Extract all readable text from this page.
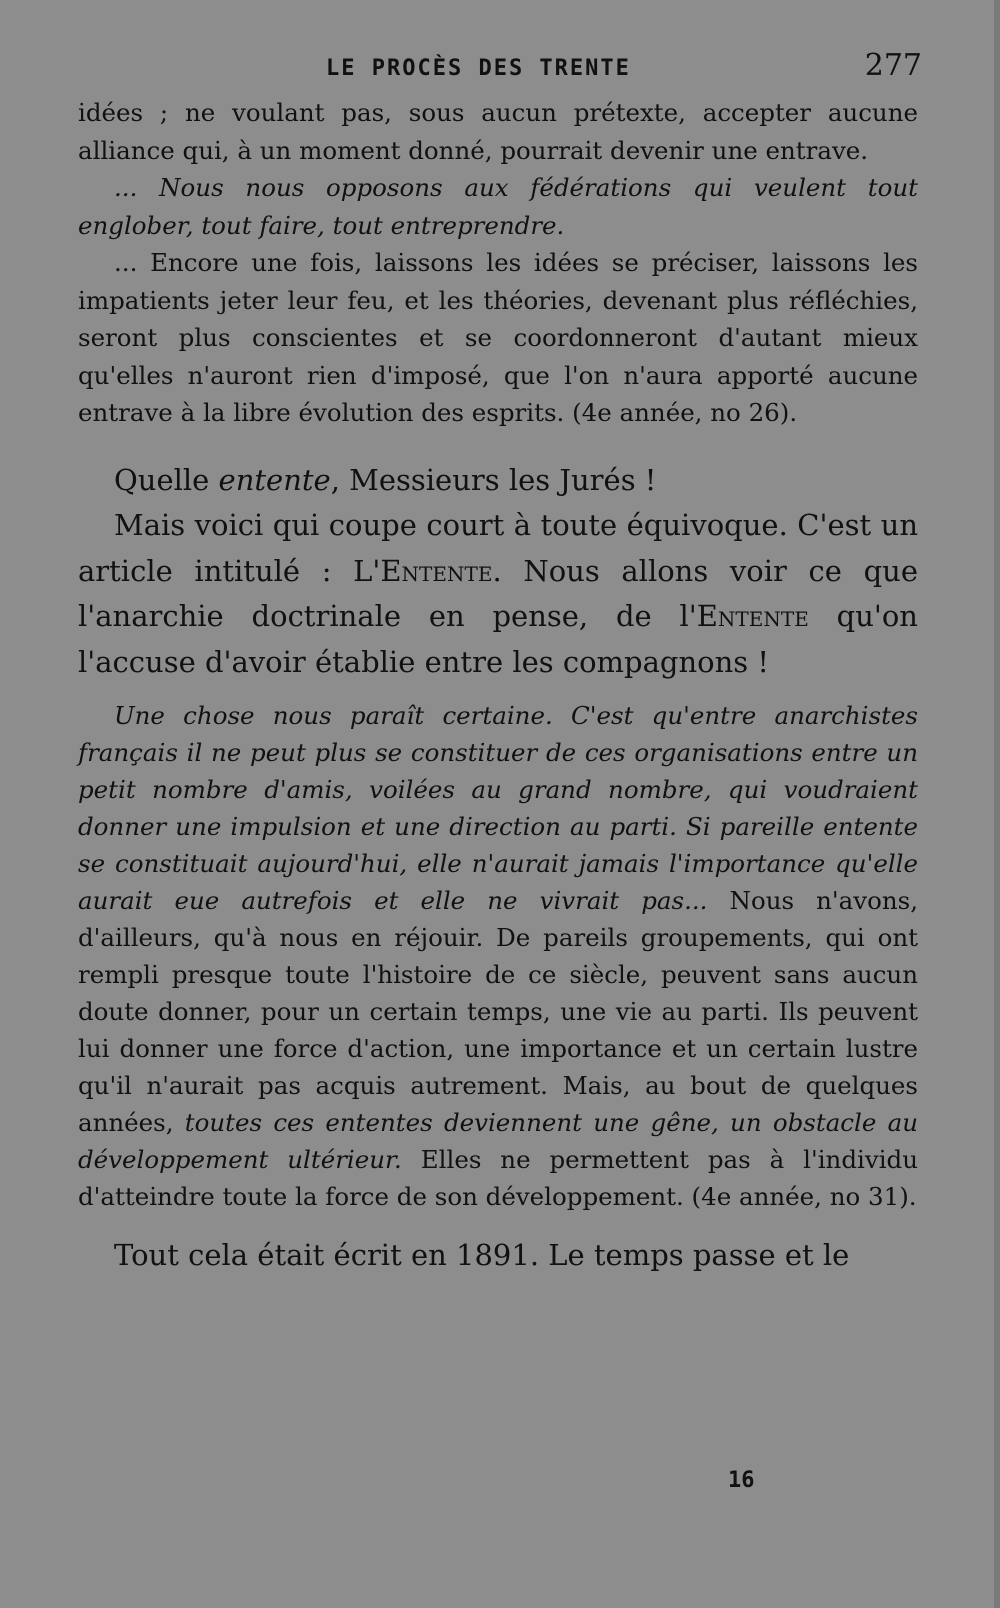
LE PROCÈS DES TRENTE	277

idées ; ne voulant pas, sous aucun prétexte, accepter aucune alliance qui, à un moment donné, pourrait devenir une entrave.

... Nous nous opposons aux fédérations qui veulent tout englober, tout faire, tout entreprendre.

... Encore une fois, laissons les idées se préciser, laissons les impatients jeter leur feu, et les théories, devenant plus réfléchies, seront plus conscientes et se coordonneront d'autant mieux qu'elles n'auront rien d'imposé, que l'on n'aura apporté aucune entrave à la libre évolution des esprits. (4e année, no 26).

Quelle entente, Messieurs les Jurés !

Mais voici qui coupe court à toute équivoque. C'est un article intitulé : L'Entente. Nous allons voir ce que l'anarchie doctrinale en pense, de l'Entente qu'on l'accuse d'avoir établie entre les compagnons !

Une chose nous paraît certaine. C'est qu'entre anarchistes français il ne peut plus se constituer de ces organisations entre un petit nombre d'amis, voilées au grand nombre, qui voudraient donner une impulsion et une direction au parti. Si pareille entente se constituait aujourd'hui, elle n'aurait jamais l'importance qu'elle aurait eue autrefois et elle ne vivrait pas... Nous n'avons, d'ailleurs, qu'à nous en réjouir. De pareils groupements, qui ont rempli presque toute l'histoire de ce siècle, peuvent sans aucun doute donner, pour un certain temps, une vie au parti. Ils peuvent lui donner une force d'action, une importance et un certain lustre qu'il n'aurait pas acquis autrement. Mais, au bout de quelques années, toutes ces ententes deviennent une gêne, un obstacle au développement ultérieur. Elles ne permettent pas à l'individu d'atteindre toute la force de son développement. (4e année, no 31).

Tout cela était écrit en 1891. Le temps passe et le

16
